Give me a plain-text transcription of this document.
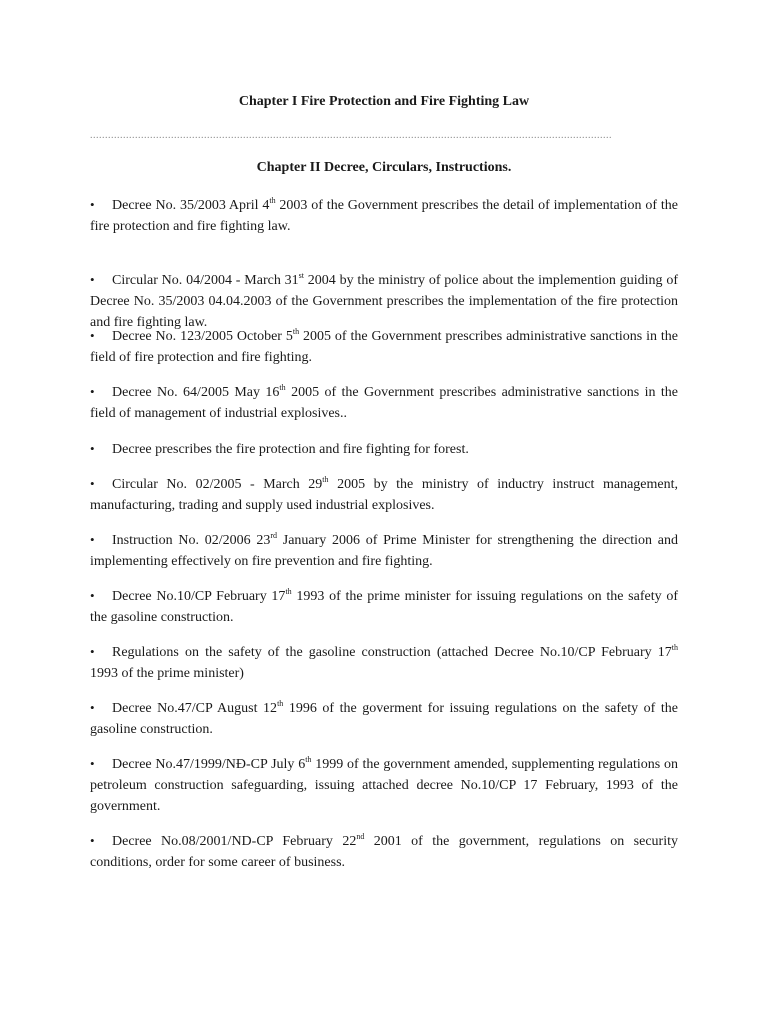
Chapter I Fire Protection and Fire Fighting Law
..............................................................................................................................................................................
Chapter II Decree, Circulars, Instructions.
• Decree No. 35/2003 April 4th 2003 of the Government prescribes the detail of implementation of the fire protection and fire fighting law.
• Circular No. 04/2004 - March 31st 2004 by the ministry of police about the implemention guiding of Decree No. 35/2003 04.04.2003 of the Government prescribes the implementation of the fire protection and fire fighting law.
• Decree No. 123/2005 October 5th 2005 of the Government prescribes administrative sanctions in the field of fire protection and fire fighting.
• Decree No. 64/2005 May 16th 2005 of the Government prescribes administrative sanctions in the field of management of industrial explosives..
• Decree prescribes the fire protection and fire fighting for forest.
• Circular No. 02/2005 - March 29th 2005 by the ministry of inductry instruct management, manufacturing, trading and supply used industrial explosives.
• Instruction No. 02/2006 23rd January 2006 of Prime Minister for strengthening the direction and implementing effectively on fire prevention and fire fighting.
• Decree No.10/CP February 17th 1993 of the prime minister for issuing regulations on the safety of the gasoline construction.
• Regulations on the safety of the gasoline construction (attached Decree No.10/CP February 17th 1993 of the prime minister)
• Decree No.47/CP August 12th 1996 of the goverment for issuing regulations on the safety of the gasoline construction.
• Decree No.47/1999/NĐ-CP July 6th 1999 of the government amended, supplementing regulations on petroleum construction safeguarding, issuing attached decree No.10/CP 17 February, 1993 of the government.
• Decree No.08/2001/ND-CP February 22nd 2001 of the government, regulations on security conditions, order for some career of business.
